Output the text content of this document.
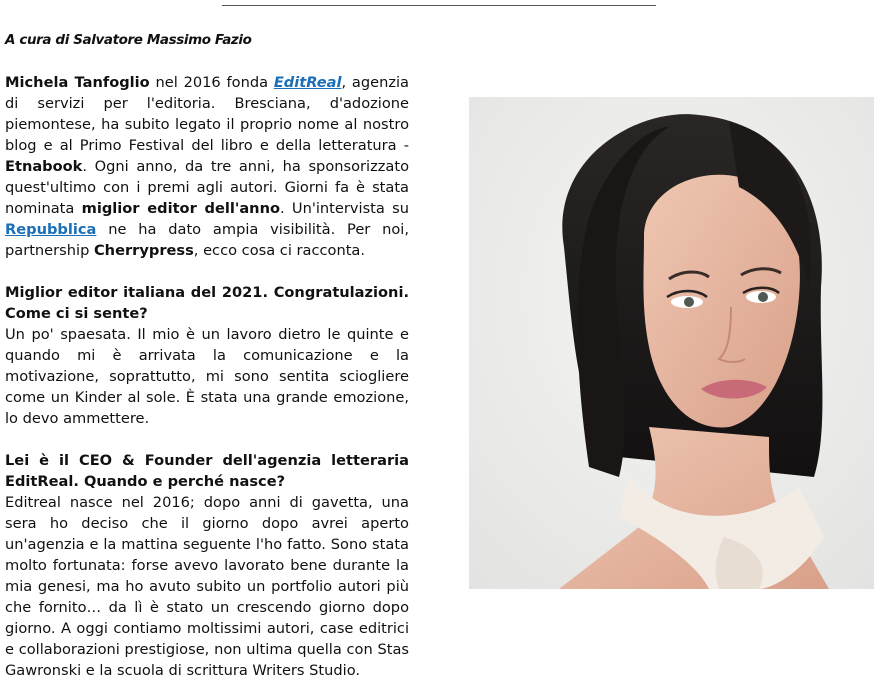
A cura di Salvatore Massimo Fazio

Michela Tanfoglio nel 2016 fonda EditReal, agenzia di servizi per l'editoria. Bresciana, d'adozione piemontese, ha subito legato il proprio nome al nostro blog e al Primo Festival del libro e della letteratura - Etnabook. Ogni anno, da tre anni, ha sponsorizzato quest'ultimo con i premi agli autori. Giorni fa è stata nominata miglior editor dell'anno. Un'intervista su Repubblica ne ha dato ampia visibilità. Per noi, partnership Cherrypress, ecco cosa ci racconta.

Miglior editor italiana del 2021. Congratulazioni. Come ci si sente?

Un po' spaesata. Il mio è un lavoro dietro le quinte e quando mi è arrivata la comunicazione e la motivazione, soprattutto, mi sono sentita sciogliere come un Kinder al sole. È stata una grande emozione, lo devo ammettere.

Lei è il CEO & Founder dell'agenzia letteraria EditReal. Quando e perché nasce?

Editreal nasce nel 2016; dopo anni di gavetta, una sera ho deciso che il giorno dopo avrei aperto un'agenzia e la mattina seguente l'ho fatto. Sono stata molto fortunata: forse avevo lavorato bene durante la mia genesi, ma ho avuto subito un portfolio autori più che fornito… da lì è stato un crescendo giorno dopo giorno. A oggi contiamo moltissimi autori, case editrici e collaborazioni prestigiose, non ultima quella con Stas Gawronski e la scuola di scrittura Writers Studio.
